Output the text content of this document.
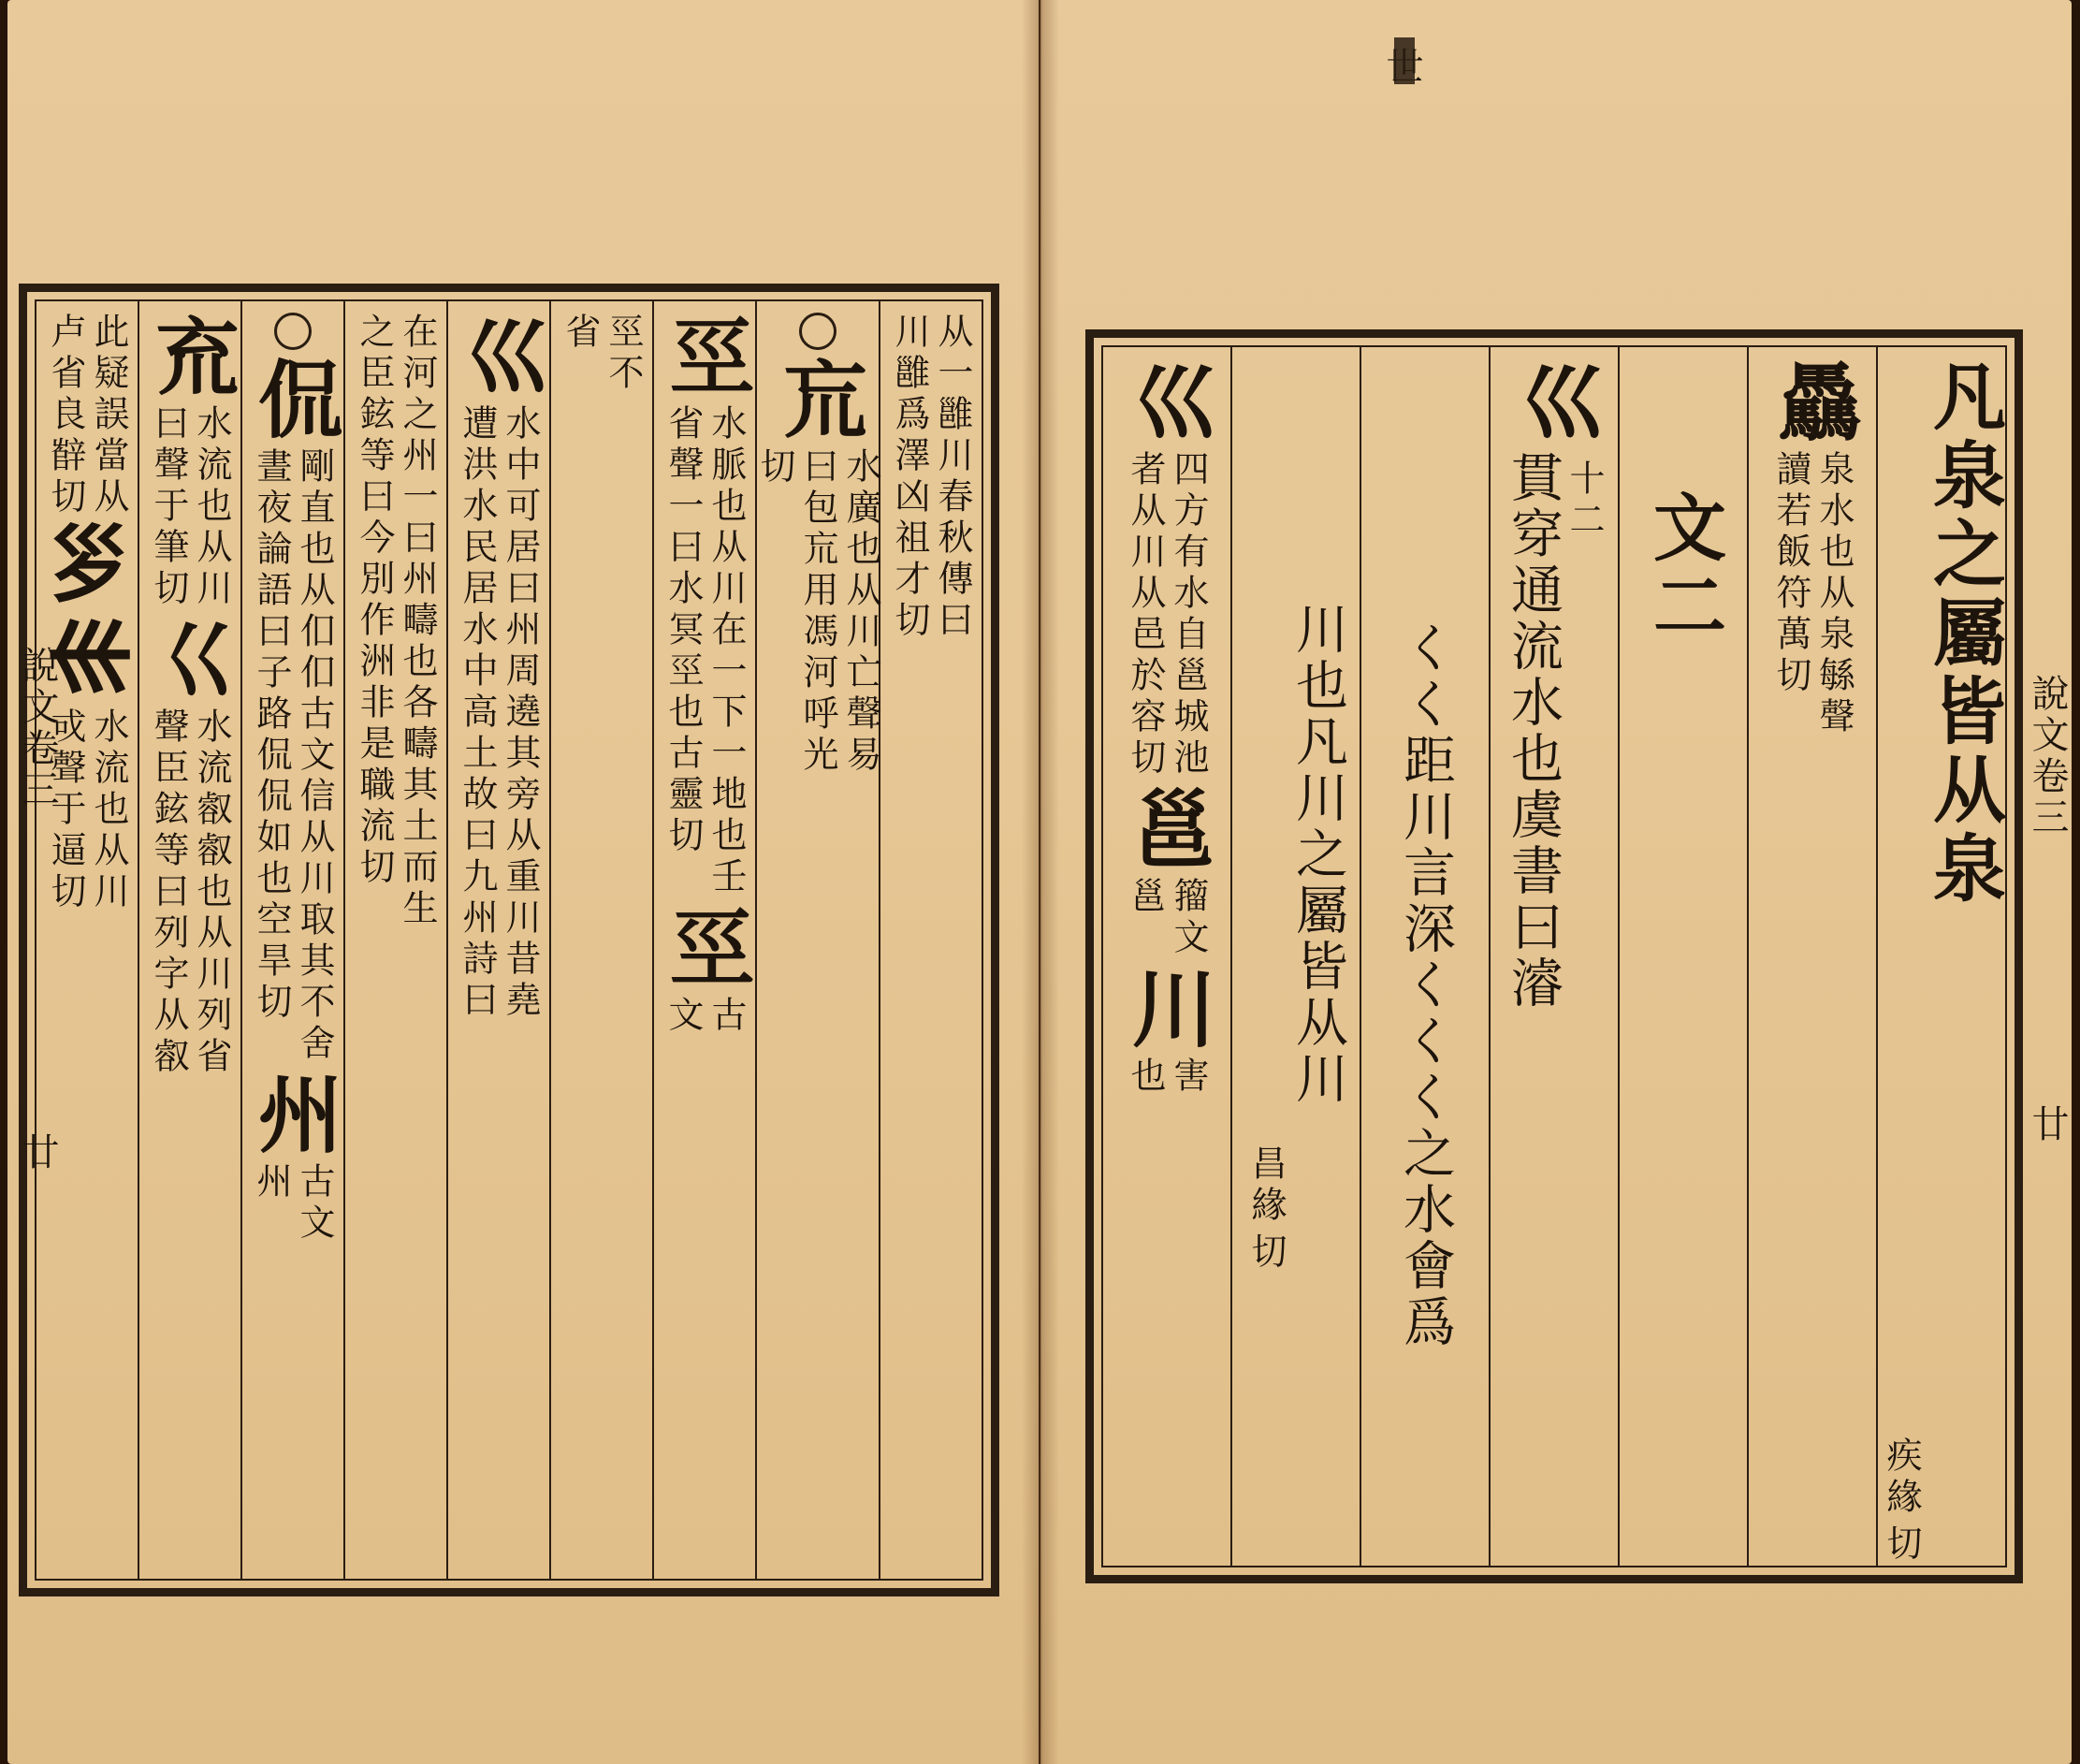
凡泉之屬皆从泉
疾緣
切
驫
泉水也从泉緐聲
讀若飯符萬切
文二
巛
十二
貫穿通流水也虞書曰濬
くく距川言深くくく之水會爲
川也凡川之屬皆从川
昌緣
切
巛
四方有水自邕城池
者从川从邑於容切
邕
籀文
邕
川
害
也
說文卷三
廿
从一雝川春秋傳曰
川雝爲澤凶祖才切
巟
水廣也从川亡聲易
曰包巟用馮河呼光
切
巠
水脈也从川在一下一地也壬
省聲一曰水冥巠也古靈切
巠
古
文
巠不
省
巛
水中可居曰州周遶其旁从重川昔堯
遭洪水民居水中高土故曰九州詩曰
在河之州一曰州疇也各疇其土而生
之臣鉉等曰今別作洲非是職流切
侃
剛直也从㐰㐰古文信从川取其不舍
晝夜論語曰子路侃侃如也空旱切
州
古文
州
㐬
水流也从川
曰聲于筆切
巜
水流㕡㕡也从川列省
聲臣鉉等曰列字从㕡
此疑誤當从
卢省良辥切
𡿪
𡿧
水流也从川
戓聲于逼切
說文卷三
廿
